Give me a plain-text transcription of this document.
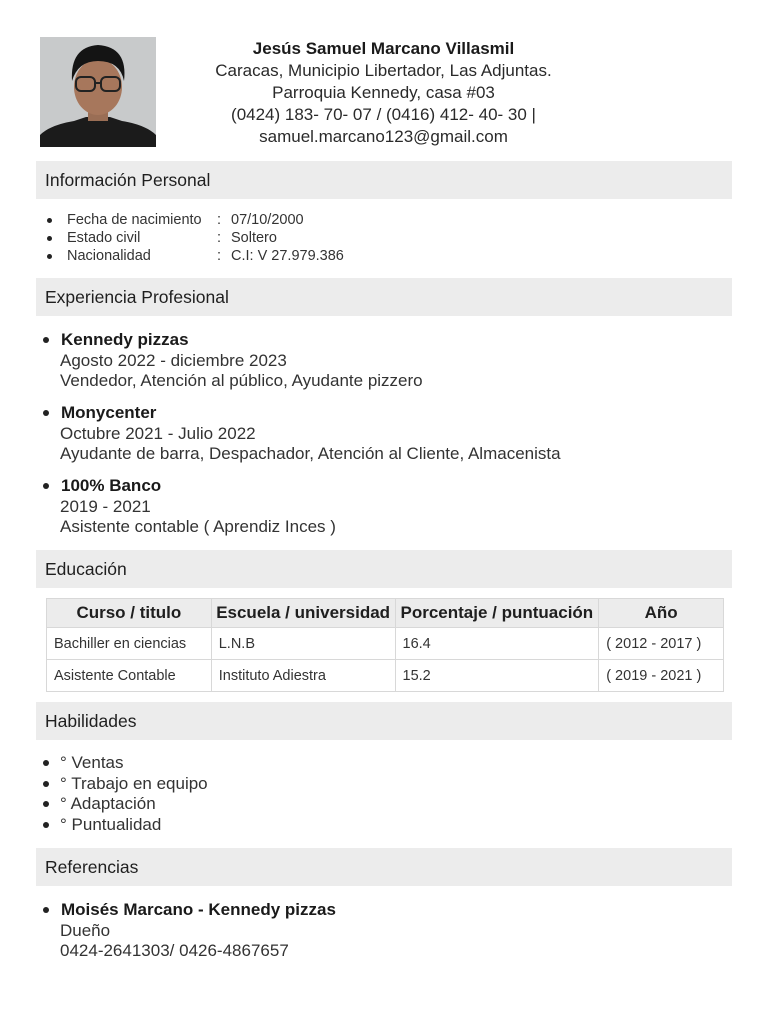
Jesús Samuel Marcano Villasmil
Caracas, Municipio Libertador, Las Adjuntas.
Parroquia Kennedy, casa #03
(0424) 183- 70- 07 / (0416) 412- 40- 30 |
samuel.marcano123@gmail.com
Información Personal
Fecha de nacimiento	: 07/10/2000
Estado civil	: Soltero
Nacionalidad	: C.I: V 27.979.386
Experiencia Profesional
Kennedy pizzas
Agosto 2022 - diciembre 2023
Vendedor, Atención al público, Ayudante pizzero
Monycenter
Octubre 2021 - Julio 2022
Ayudante de barra, Despachador, Atención al Cliente, Almacenista
100% Banco
2019 - 2021
Asistente contable ( Aprendiz Inces )
Educación
Curso / titulo	Escuela / universidad	Porcentaje / puntuación	Año
Bachiller en ciencias	L.N.B	16.4	( 2012 - 2017 )
Asistente Contable	Instituto Adiestra	15.2	( 2019 - 2021 )
Habilidades
° Ventas
° Trabajo en equipo
° Adaptación
° Puntualidad
Referencias
Moisés Marcano - Kennedy pizzas
Dueño
0424-2641303/ 0426-4867657
